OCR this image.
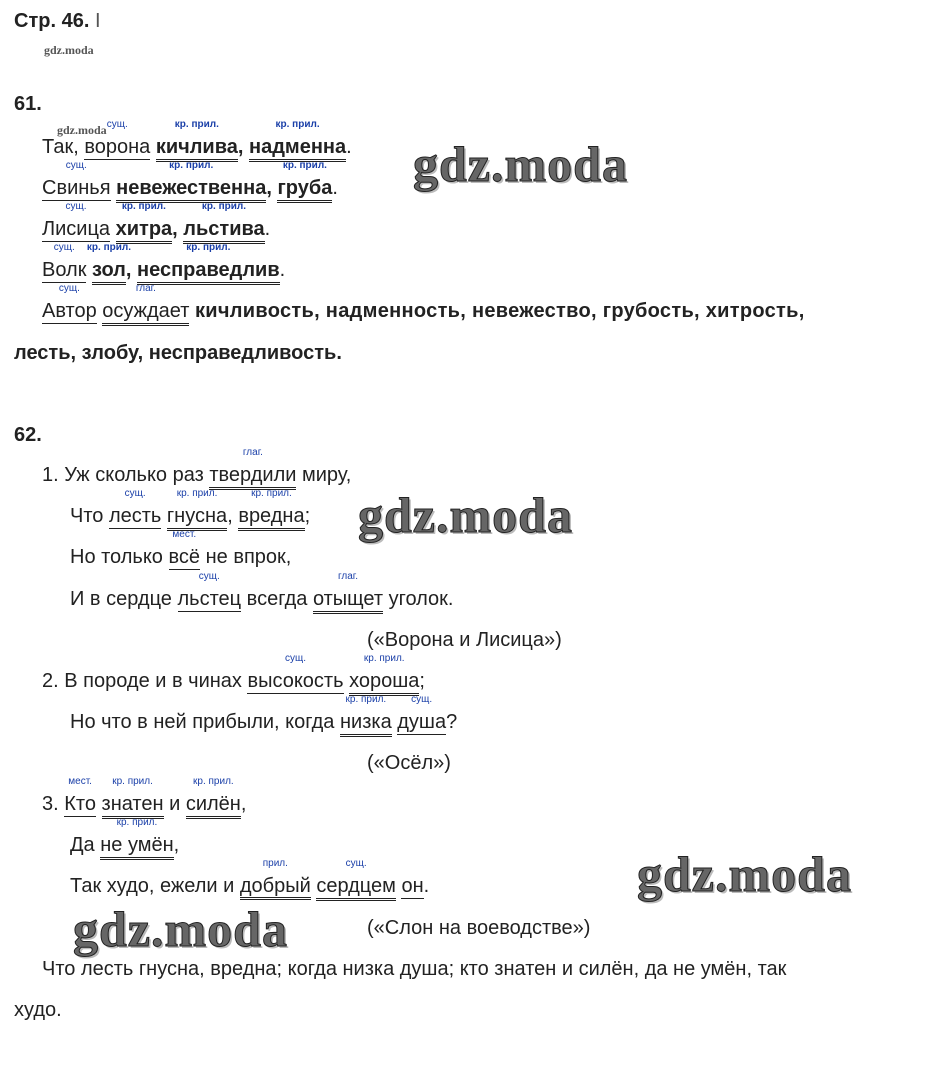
Стр. 46. I
gdz.moda
61.
gdz.moda
Так,
сущ.
ворона
кр. прил.
кичлива,
кр. прил.
надменна.
сущ.
Свинья
кр. прил.
невежественна,
кр. прил.
груба.
сущ.
Лисица
кр. прил.
хитра,
кр. прил.
льстива.
сущ.
Волк
кр. прил.
зол,
кр. прил.
несправедлив.
сущ.
Автор
глаг.
осуждает кичливость, надменность, невежество, грубость, хитрость,
лесть, злобу, несправедливость.
62.
1. Уж сколько раз
глаг.
твердили миру,
Что
сущ.
лесть
кр. прил.
гнусна,
кр. прил.
вредна;
Но только
мест.
всё не впрок,
И в сердце
сущ.
льстец всегда
глаг.
отыщет уголок.
(«Ворона и Лисица»)
2. В породе и в чинах
сущ.
высокость
кр. прил.
хороша;
Но что в ней прибыли, когда
кр. прил.
низка
сущ.
душа?
(«Осёл»)
3.
мест.
Кто
кр. прил.
знатен и
кр. прил.
силён,
Да
кр. прил.
не умён,
Так худо, ежели и
прил.
добрый
сущ.
сердцем он.
(«Слон на воеводстве»)
Что лесть гнусна, вредна; когда низка душа; кто знатен и силён, да не умён, так
худо.
gdz.moda
gdz.moda
gdz.moda
gdz.moda
